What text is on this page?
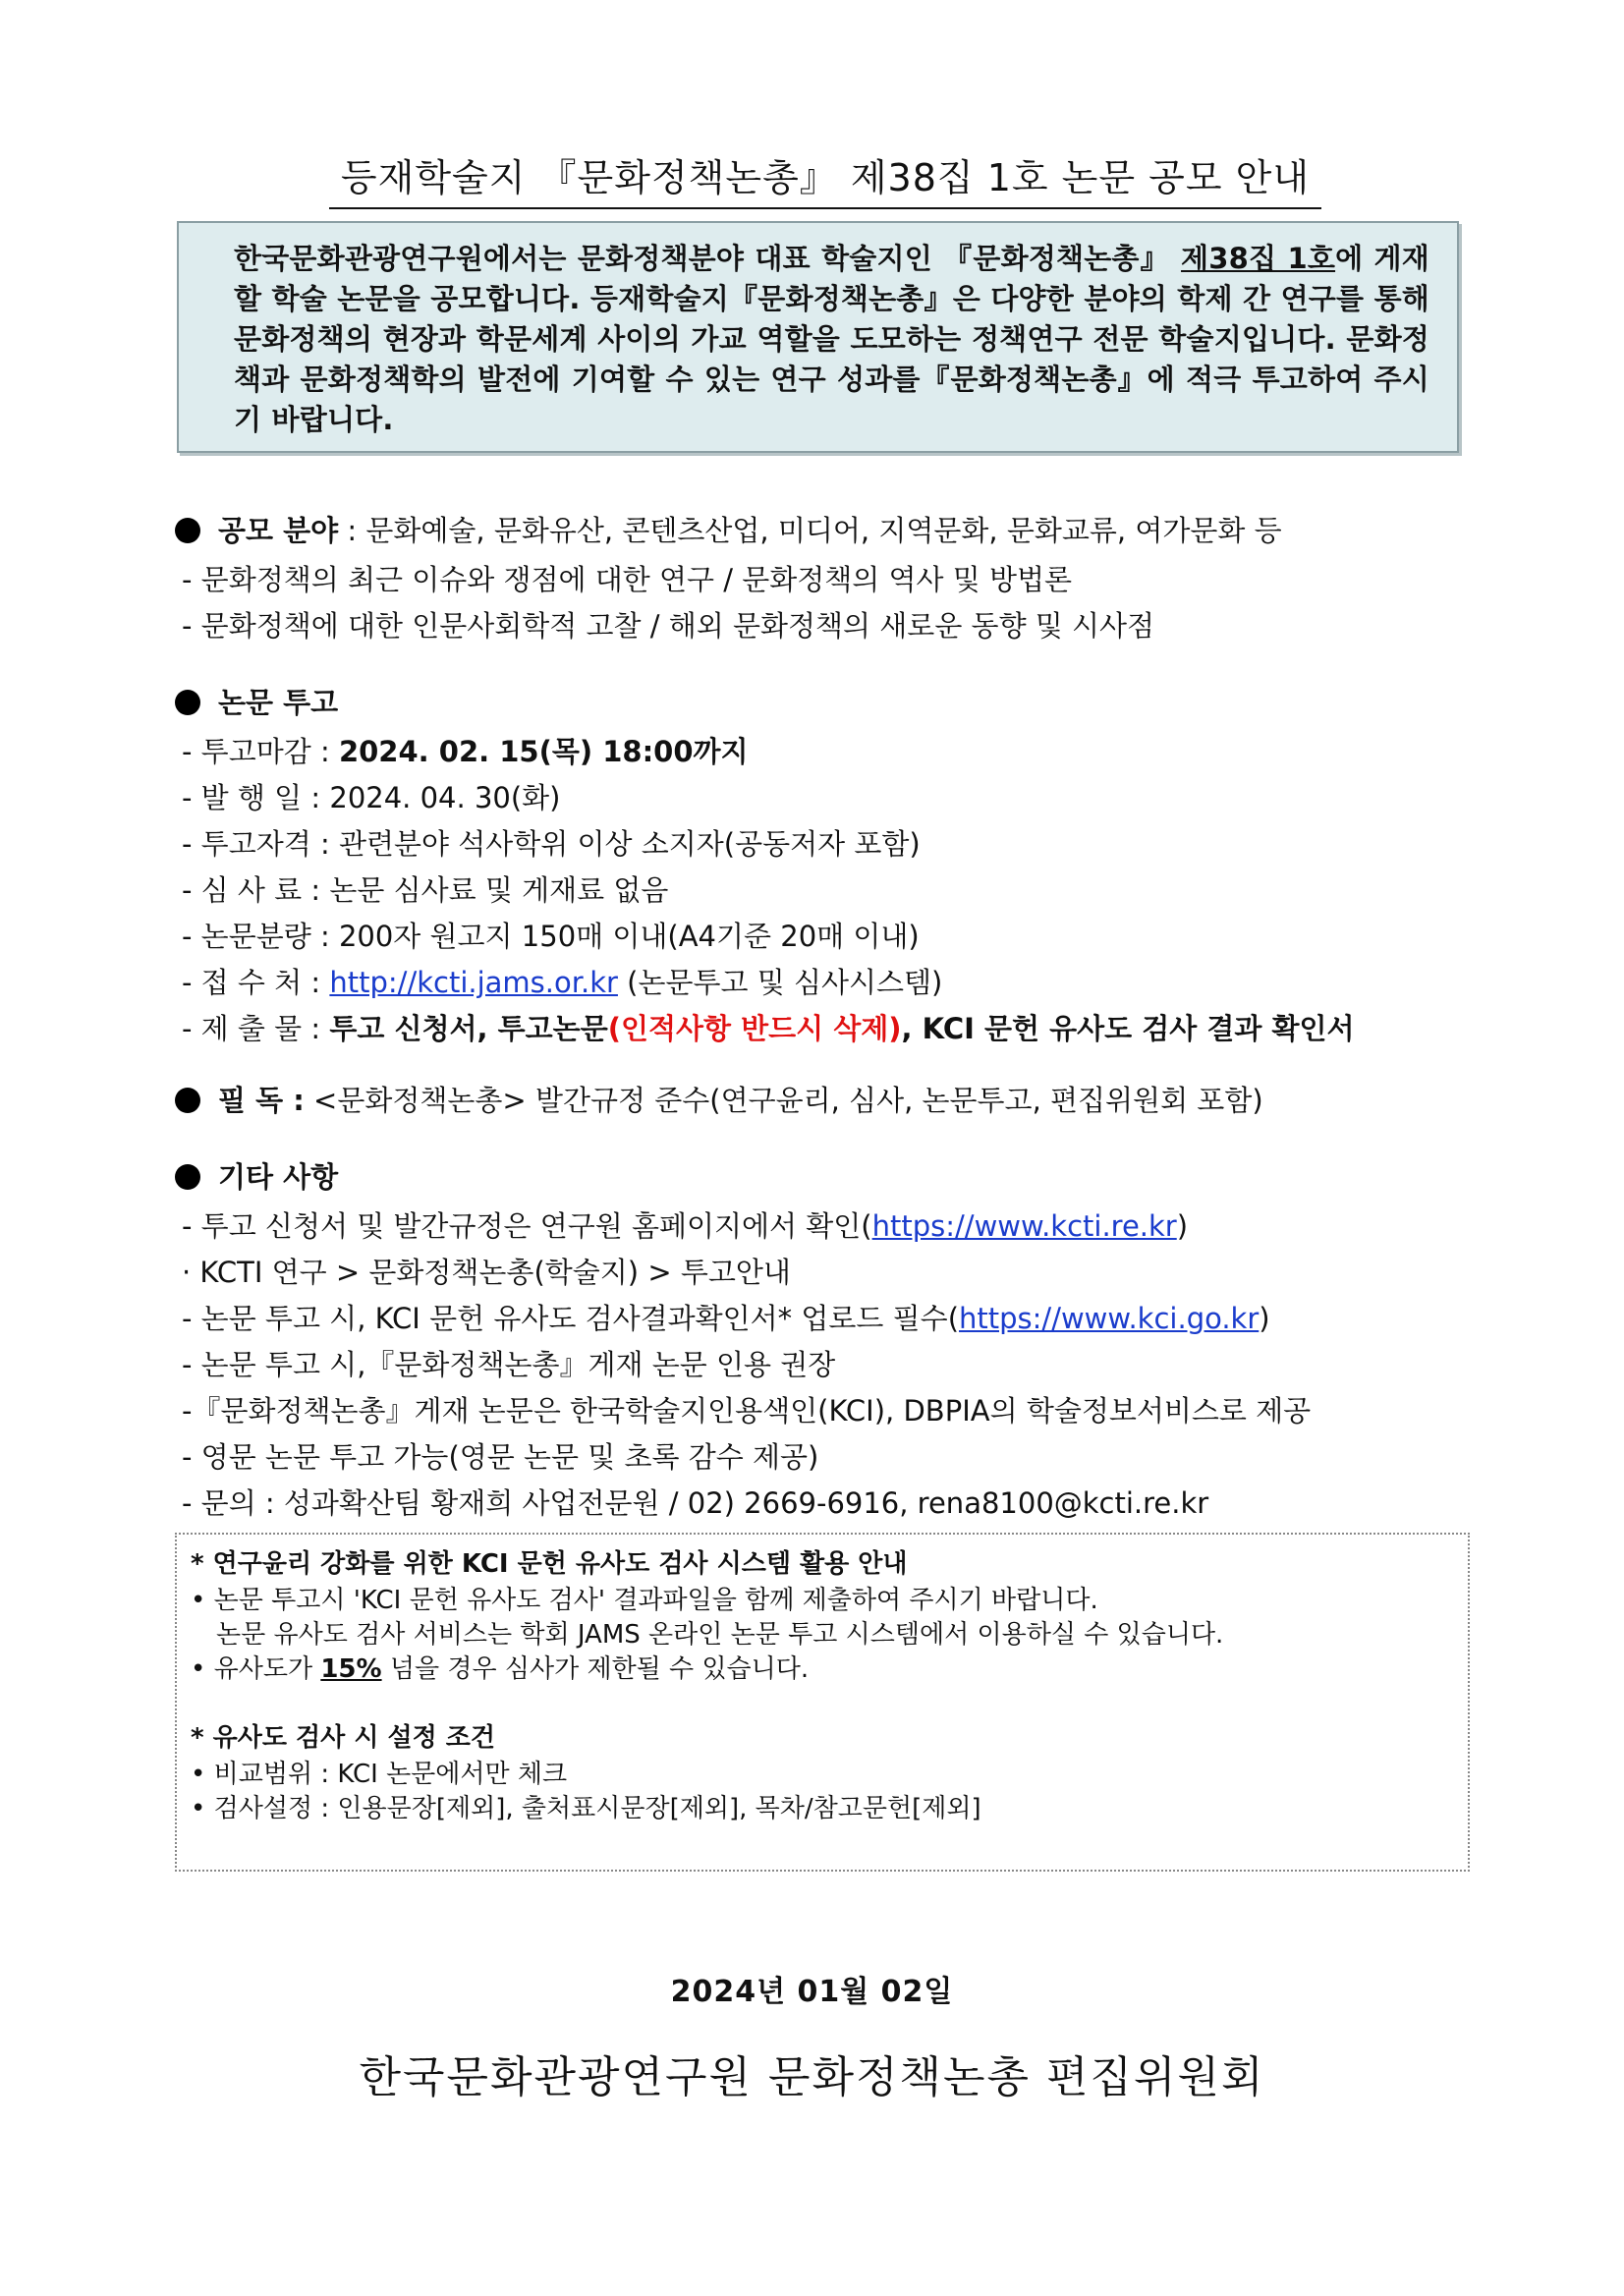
등재학술지 『문화정책논총』 제38집 1호 논문 공모 안내

한국문화관광연구원에서는 문화정책분야 대표 학술지인 『문화정책논총』 제38집 1호에 게재할 학술 논문을 공모합니다. 등재학술지『문화정책논총』은 다양한 분야의 학제 간 연구를 통해 문화정책의 현장과 학문세계 사이의 가교 역할을 도모하는 정책연구 전문 학술지입니다. 문화정책과 문화정책학의 발전에 기여할 수 있는 연구 성과를『문화정책논총』에 적극 투고하여 주시기 바랍니다.

공모 분야 : 문화예술, 문화유산, 콘텐츠산업, 미디어, 지역문화, 문화교류, 여가문화 등
- 문화정책의 최근 이슈와 쟁점에 대한 연구 / 문화정책의 역사 및 방법론
- 문화정책에 대한 인문사회학적 고찰 / 해외 문화정책의 새로운 동향 및 시사점
논문 투고
- 투고마감 : 2024. 02. 15(목) 18:00까지
- 발 행 일 : 2024. 04. 30(화)
- 투고자격 : 관련분야 석사학위 이상 소지자(공동저자 포함)
- 심 사 료 : 논문 심사료 및 게재료 없음
- 논문분량 : 200자 원고지 150매 이내(A4기준 20매 이내)
- 접 수 처 : http://kcti.jams.or.kr (논문투고 및 심사시스템)
- 제 출 물 : 투고 신청서, 투고논문(인적사항 반드시 삭제), KCI 문헌 유사도 검사 결과 확인서
필 독 : <문화정책논총> 발간규정 준수(연구윤리, 심사, 논문투고, 편집위원회 포함)
기타 사항
- 투고 신청서 및 발간규정은 연구원 홈페이지에서 확인(https://www.kcti.re.kr)
· KCTI 연구 > 문화정책논총(학술지) > 투고안내
- 논문 투고 시, KCI 문헌 유사도 검사결과확인서* 업로드 필수(https://www.kci.go.kr)
- 논문 투고 시,『문화정책논총』게재 논문 인용 권장
-『문화정책논총』게재 논문은 한국학술지인용색인(KCI), DBPIA의 학술정보서비스로 제공
- 영문 논문 투고 가능(영문 논문 및 초록 감수 제공)
- 문의 : 성과확산팀 황재희 사업전문원 / 02) 2669-6916, rena8100@kcti.re.kr
* 연구윤리 강화를 위한 KCI 문헌 유사도 검사 시스템 활용 안내
• 논문 투고시 'KCI 문헌 유사도 검사' 결과파일을 함께 제출하여 주시기 바랍니다.
논문 유사도 검사 서비스는 학회 JAMS 온라인 논문 투고 시스템에서 이용하실 수 있습니다.
• 유사도가 15% 넘을 경우 심사가 제한될 수 있습니다.
* 유사도 검사 시 설정 조건
• 비교범위 : KCI 논문에서만 체크
• 검사설정 : 인용문장[제외], 출처표시문장[제외], 목차/참고문헌[제외]
2024년 01월 02일
한국문화관광연구원 문화정책논총 편집위원회
